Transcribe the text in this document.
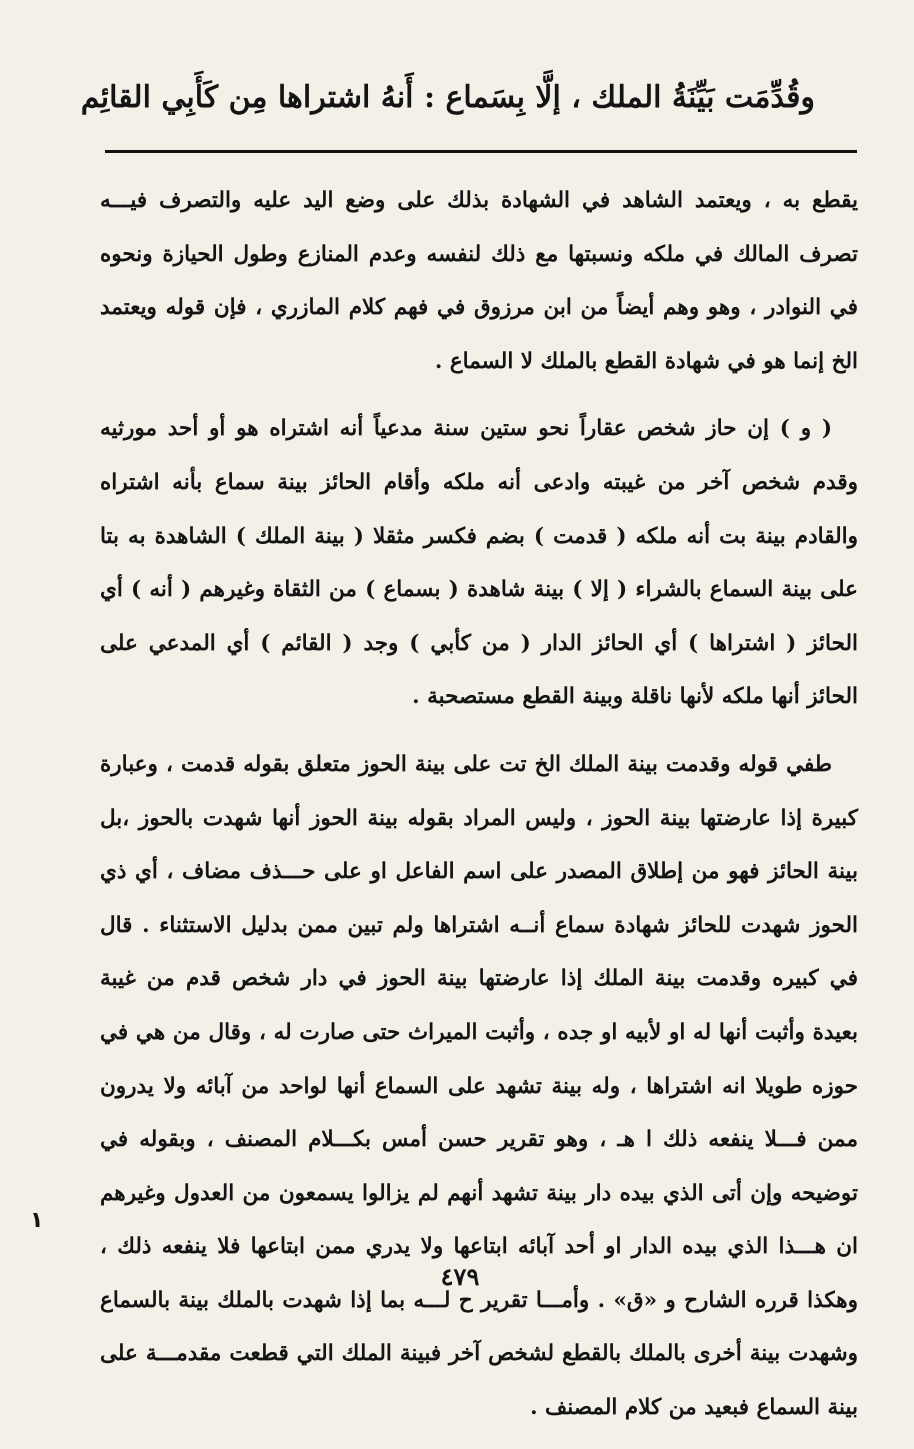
وقُدِّمَت بَيِّنَةُ الملك ، إلَّا بِسَماع : أَنهُ اشتراها مِن كَأَبِي القائِم

يقطع به ، ويعتمد الشاهد في الشهادة بذلك على وضع اليد عليه والتصرف فيـــه تصرف المالك في ملكه ونسبتها مع ذلك لنفسه وعدم المنازع وطول الحيازة ونحوه في النوادر ، وهو وهم أيضاً من ابن مرزوق في فهم كلام المازري ، فإن قوله ويعتمد الخ إنما هو في شهادة القطع بالملك لا السماع .

( و ) إن حاز شخص عقاراً نحو ستين سنة مدعياً أنه اشتراه هو أو أحد مورثيه وقدم شخص آخر من غيبته وادعى أنه ملكه وأقام الحائز بينة سماع بأنه اشتراه والقادم بينة بت أنه ملكه ( قدمت ) بضم فكسر مثقلا ( بينة الملك ) الشاهدة به بتا على بينة السماع بالشراء ( إلا ) بينة شاهدة ( بسماع ) من الثقاة وغيرهم ( أنه ) أي الحائز ( اشتراها ) أي الحائز الدار ( من كأبي ) وجد ( القائم ) أي المدعي على الحائز أنها ملكه لأنها ناقلة وبينة القطع مستصحبة .

طفي قوله وقدمت بينة الملك الخ تت على بينة الحوز متعلق بقوله قدمت ، وعبارة كبيرة إذا عارضتها بينة الحوز ، وليس المراد بقوله بينة الحوز أنها شهدت بالحوز ،بل بينة الحائز فهو من إطلاق المصدر على اسم الفاعل او على حـــذف مضاف ، أي ذي الحوز شهدت للحائز شهادة سماع أنــه اشتراها ولم تبين ممن بدليل الاستثناء . قال في كبيره وقدمت بينة الملك إذا عارضتها بينة الحوز في دار شخص قدم من غيبة بعيدة وأثبت أنها له او لأبيه او جده ، وأثبت الميراث حتى صارت له ، وقال من هي في حوزه طويلا انه اشتراها ، وله بينة تشهد على السماع أنها لواحد من آبائه ولا يدرون ممن فـــلا ينفعه ذلك ا هـ ، وهو تقرير حسن أمس بكـــلام المصنف ، وبقوله في توضيحه وإن أتى الذي بيده دار بينة تشهد أنهم لم يزالوا يسمعون من العدول وغيرهم ان هـــذا الذي بيده الدار او أحد آبائه ابتاعها ولا يدري ممن ابتاعها فلا ينفعه ذلك ، وهكذا قرره الشارح و «ق» . وأمـــا تقرير ح لـــه بما إذا شهدت بالملك بينة بالسماع وشهدت بينة أخرى بالملك بالقطع لشخص آخر فبينة الملك التي قطعت مقدمـــة على بينة السماع فبعيد من كلام المصنف .

١
٤٧٩
